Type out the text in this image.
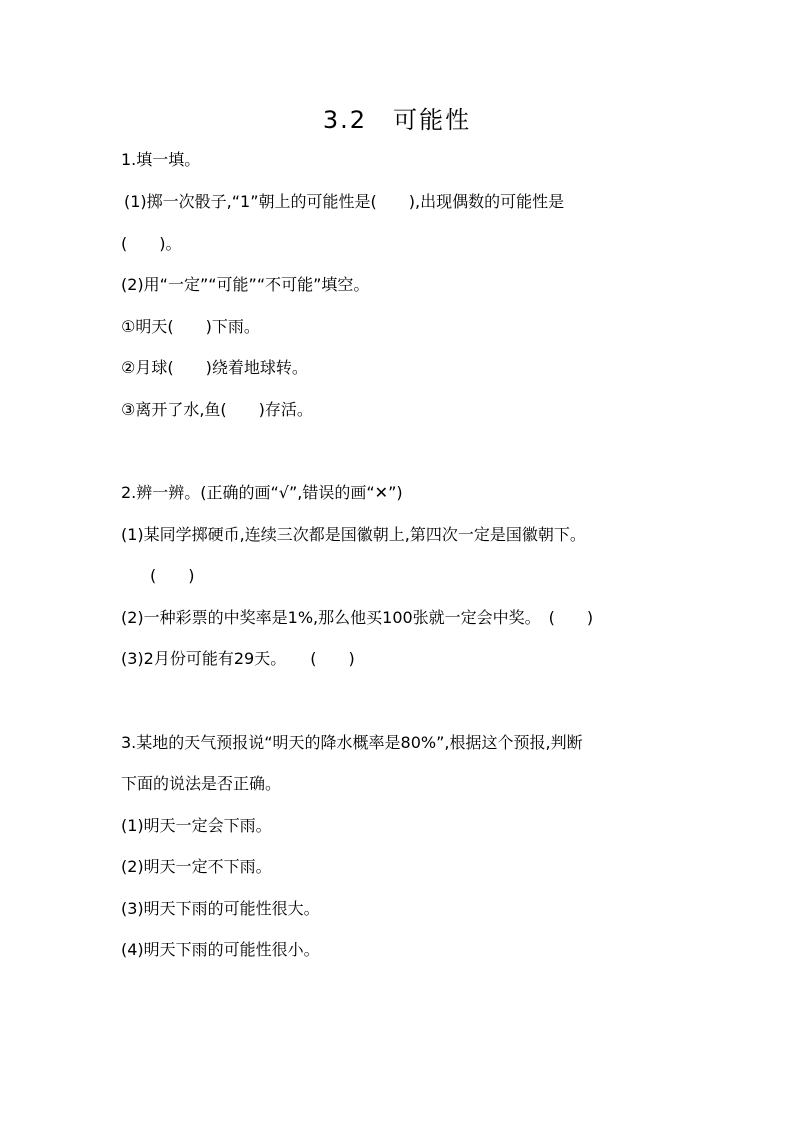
3.2　可能性
1.填一填。
(1)掷一次骰子,“1”朝上的可能性是(　　),出现偶数的可能性是
(　　)。
(2)用“一定”“可能”“不可能”填空。
①明天(　　)下雨。
②月球(　　)绕着地球转。
③离开了水,鱼(　　)存活。
2.辨一辨。(正确的画“√”,错误的画“✕”)
(1)某同学掷硬币,连续三次都是国徽朝上,第四次一定是国徽朝下。
(　　)
(2)一种彩票的中奖率是1%,那么他买100张就一定会中奖。　(　　)
(3)2月份可能有29天。　　(　　)
3.某地的天气预报说“明天的降水概率是80%”,根据这个预报,判断
下面的说法是否正确。
(1)明天一定会下雨。
(2)明天一定不下雨。
(3)明天下雨的可能性很大。
(4)明天下雨的可能性很小。
